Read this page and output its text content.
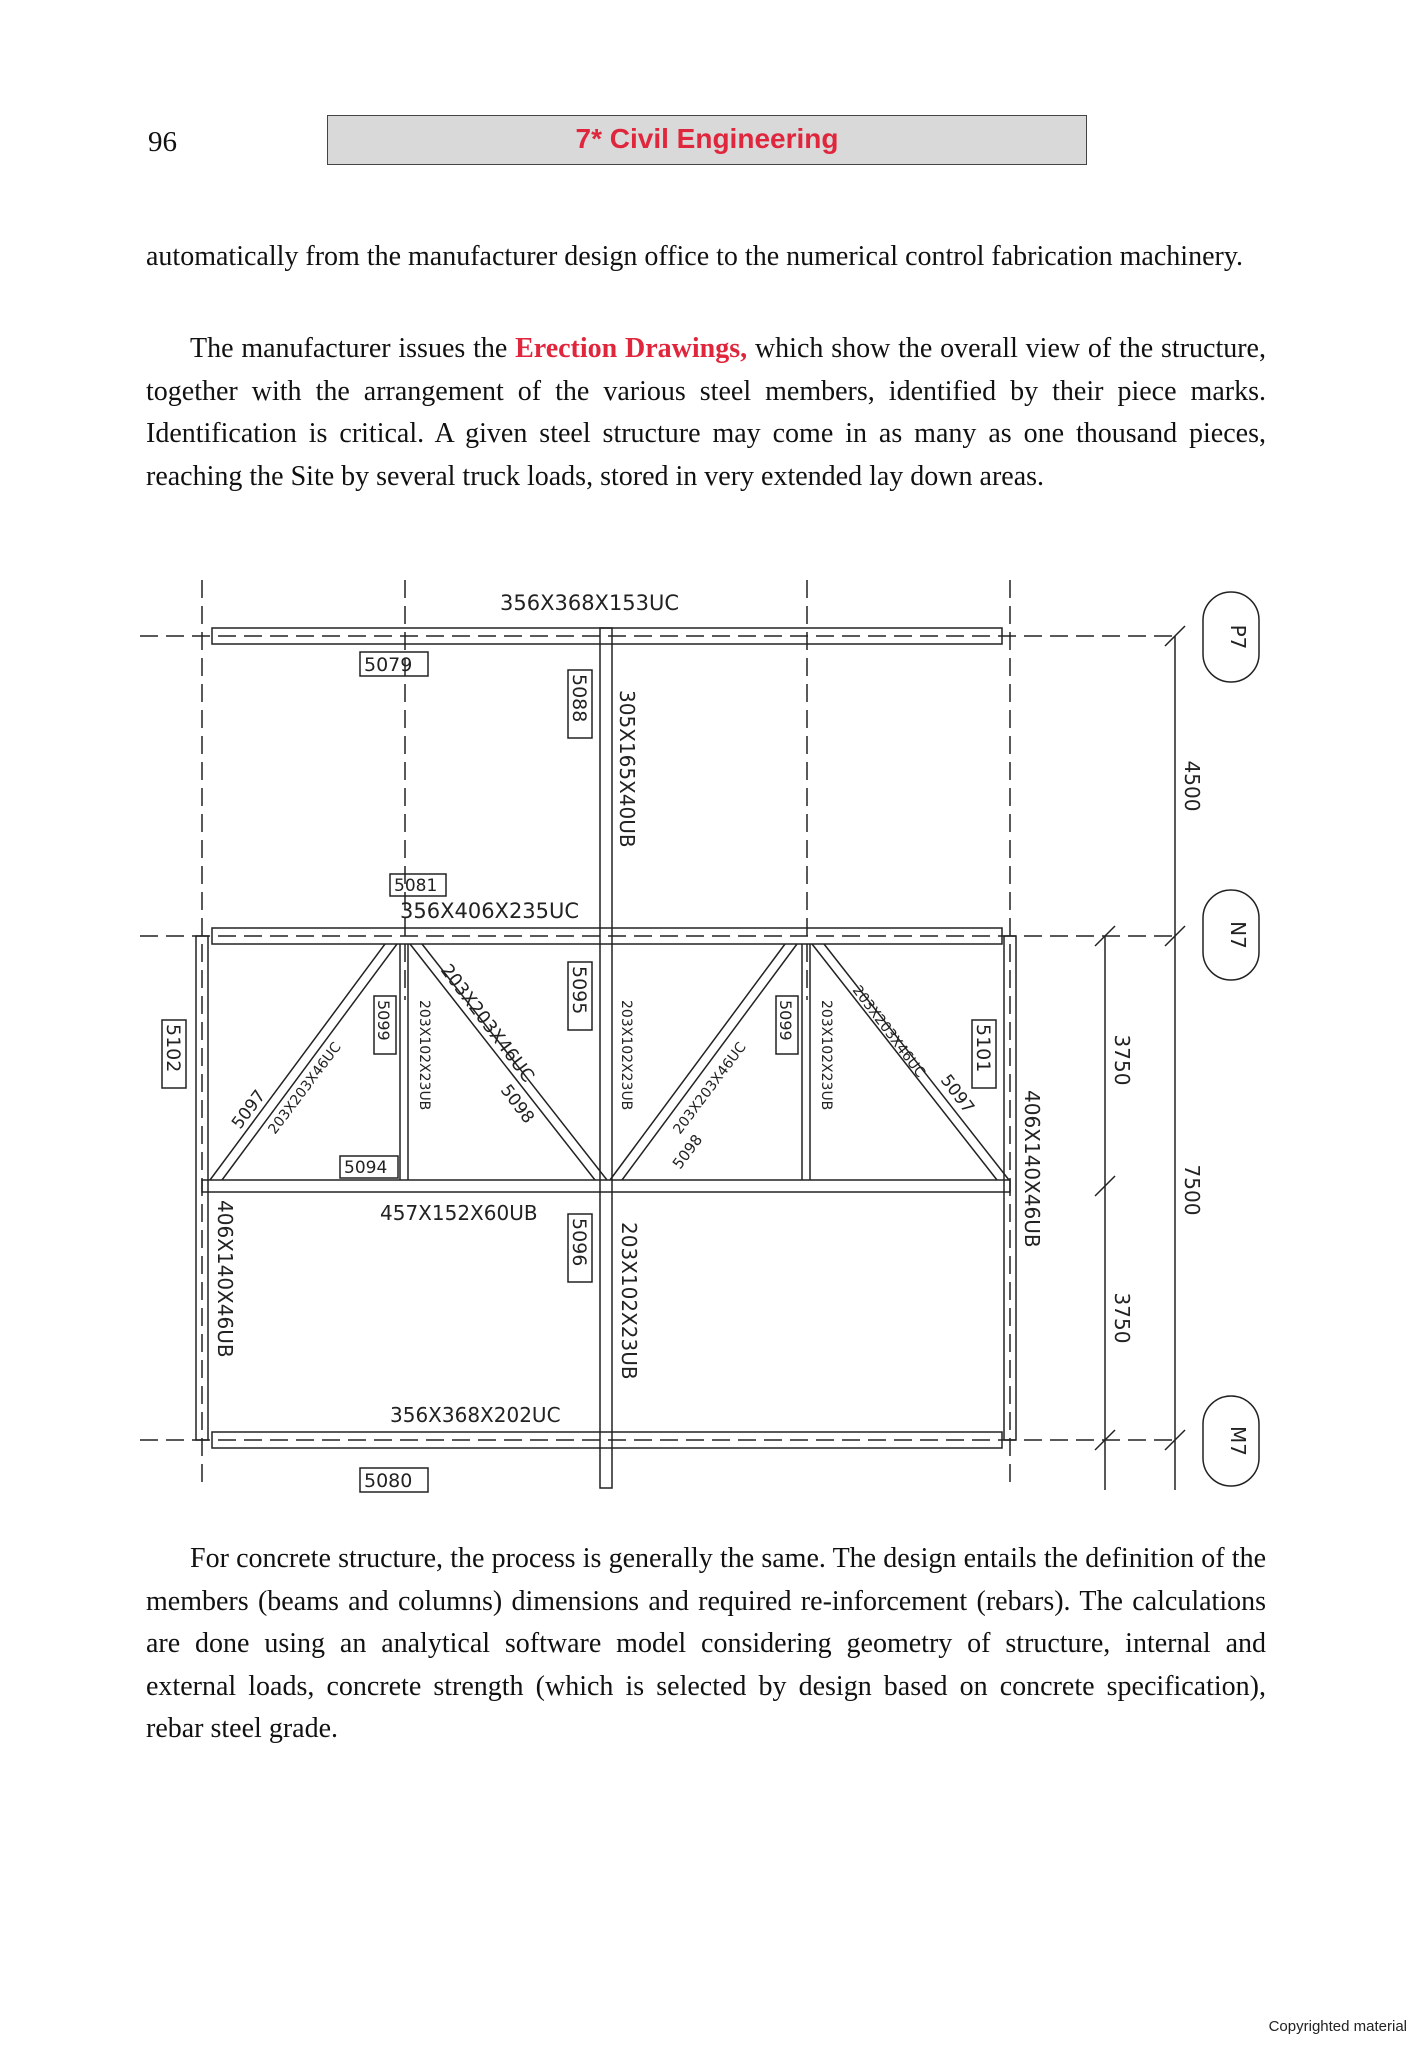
96	7* Civil Engineering

automatically from the manufacturer design office to the numerical control fabrication machinery.

The manufacturer issues the Erection Drawings, which show the overall view of the structure, together with the arrangement of the various steel members, identified by their piece marks. Identification is critical. A given steel structure may come in as many as one thousand pieces, reaching the Site by several truck loads, stored in very extended lay down areas.

P7
N7
M7
4500
3750
7500
3750
356X368X153UC
305X165X40UB
356X406X235UC
203X203X46UC
203X203X46UC	203X203X46UC
203X203X46UC
203X102X23UB	203X102X23UB	203X102X23UB
457X152X60UB
406X140X46UB
406X140X46UB
203X102X23UB
356X368X202UC
5079
5088
5081
5095
5102
5099	5099
5101
5097	5097
5098
5098
5094
5096
5080

For concrete structure, the process is generally the same. The design entails the definition of the members (beams and columns) dimensions and required re-inforcement (rebars). The calculations are done using an analytical software model considering geometry of structure, internal and external loads, concrete strength (which is selected by design based on concrete specification), rebar steel grade.

Copyrighted material
